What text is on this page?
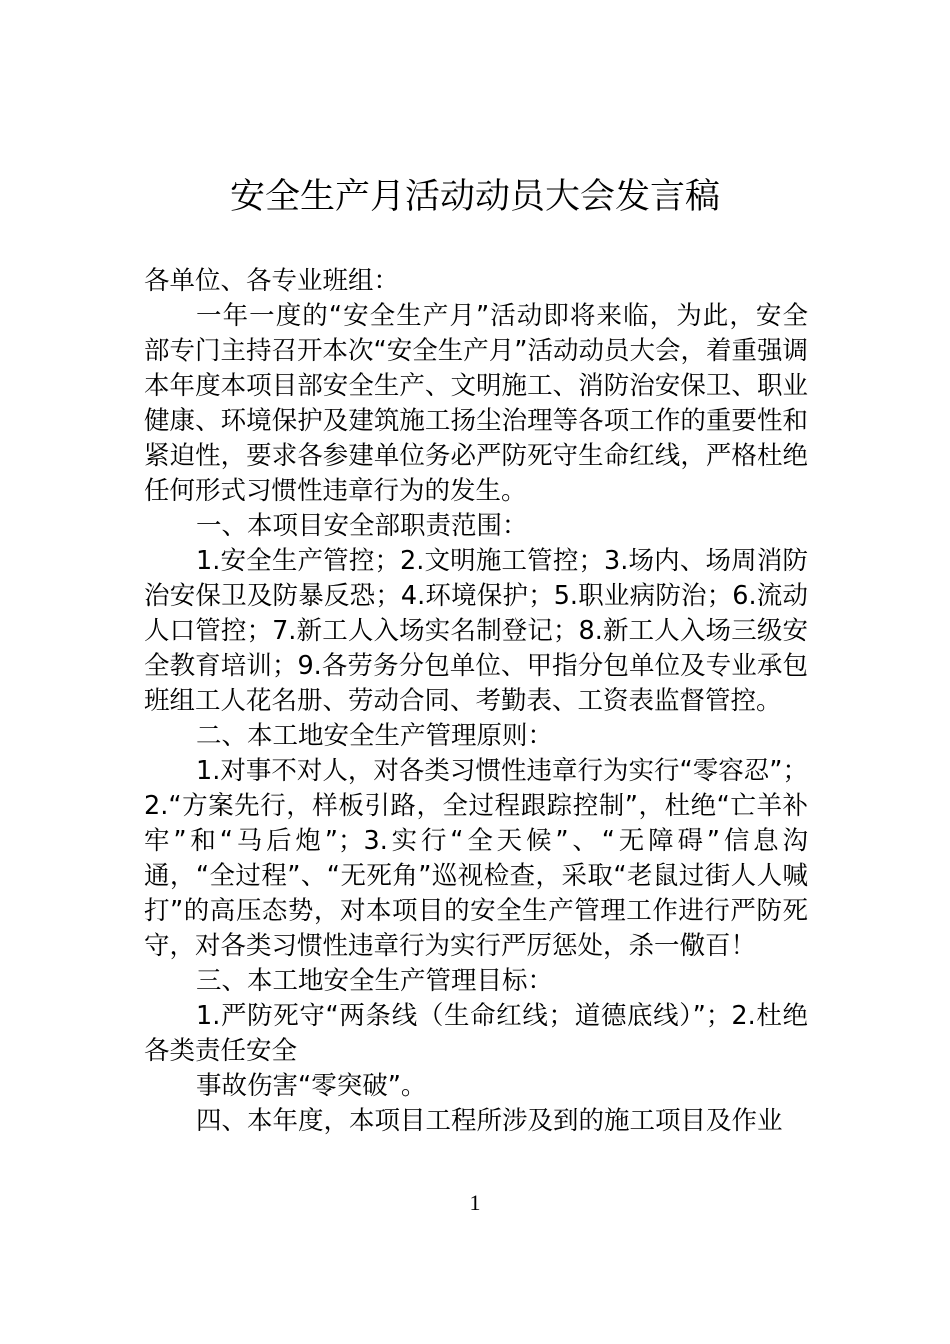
安全生产月活动动员大会发言稿

各单位、各专业班组：

一年一度的“安全生产月”活动即将来临，为此，安全部专门主持召开本次“安全生产月”活动动员大会，着重强调本年度本项目部安全生产、文明施工、消防治安保卫、职业健康、环境保护及建筑施工扬尘治理等各项工作的重要性和紧迫性，要求各参建单位务必严防死守生命红线，严格杜绝任何形式习惯性违章行为的发生。

一、本项目安全部职责范围：

1.安全生产管控；2.文明施工管控；3.场内、场周消防治安保卫及防暴反恐；4.环境保护；5.职业病防治；6.流动人口管控；7.新工人入场实名制登记；8.新工人入场三级安全教育培训；9.各劳务分包单位、甲指分包单位及专业承包班组工人花名册、劳动合同、考勤表、工资表监督管控。

二、本工地安全生产管理原则：

1.对事不对人，对各类习惯性违章行为实行“零容忍”；2.“方案先行，样板引路，全过程跟踪控制”，杜绝“亡羊补牢”和“马后炮”；3.实行“全天候”、“无障碍”信息沟通，“全过程”、“无死角”巡视检查，采取“老鼠过街人人喊打”的高压态势，对本项目的安全生产管理工作进行严防死守，对各类习惯性违章行为实行严厉惩处，杀一儆百！

三、本工地安全生产管理目标：

1.严防死守“两条线（生命红线；道德底线）”；2.杜绝各类责任安全

事故伤害“零突破”。

四、本年度，本项目工程所涉及到的施工项目及作业

1
